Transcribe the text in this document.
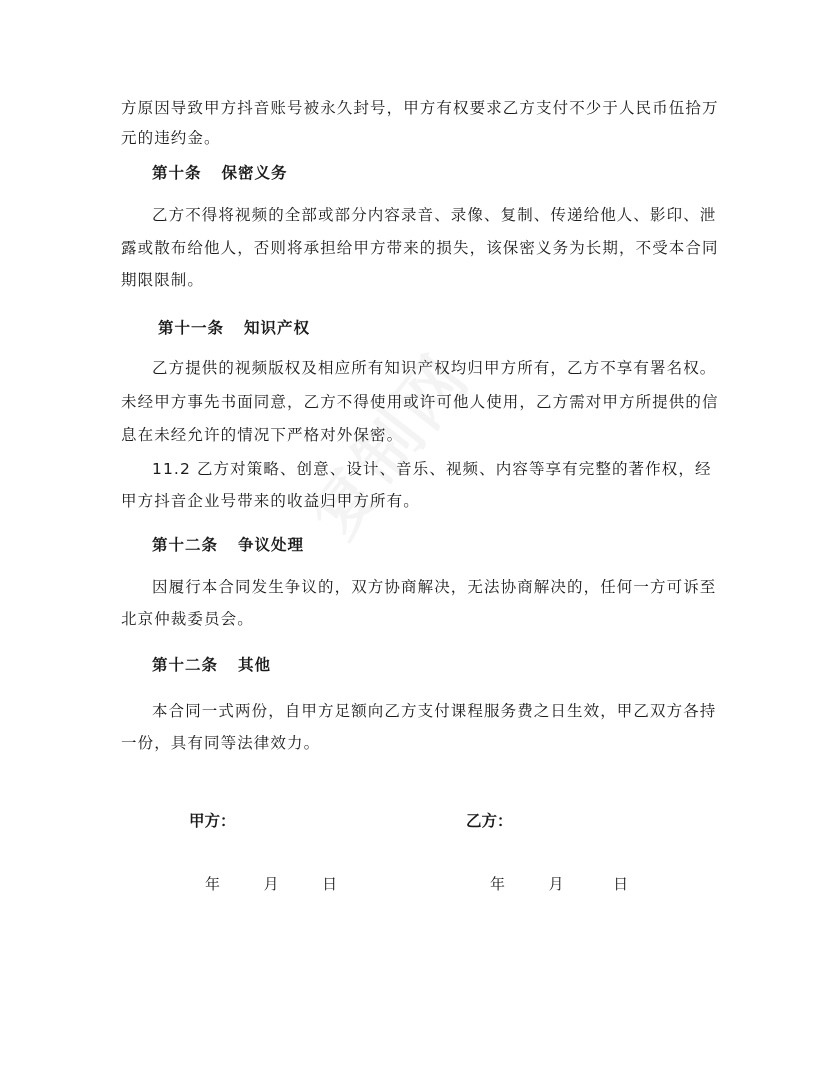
方原因导致甲方抖音账号被永久封号，甲方有权要求乙方支付不少于人民币伍拾万
元的违约金。
第十条 保密义务
乙方不得将视频的全部或部分内容录音、录像、复制、传递给他人、影印、泄
露或散布给他人，否则将承担给甲方带来的损失，该保密义务为长期，不受本合同
期限限制。
第十一条 知识产权
乙方提供的视频版权及相应所有知识产权均归甲方所有，乙方不享有署名权。
未经甲方事先书面同意，乙方不得使用或许可他人使用，乙方需对甲方所提供的信
息在未经允许的情况下严格对外保密。
11.2 乙方对策略、创意、设计、音乐、视频、内容等享有完整的著作权，经
甲方抖音企业号带来的收益归甲方所有。
第十二条 争议处理
因履行本合同发生争议的，双方协商解决，无法协商解决的，任何一方可诉至
北京仲裁委员会。
第十二条 其他
本合同一式两份，自甲方足额向乙方支付课程服务费之日生效，甲乙双方各持
一份，具有同等法律效力。
甲方：	乙方：
年	月	日	年	月	日
